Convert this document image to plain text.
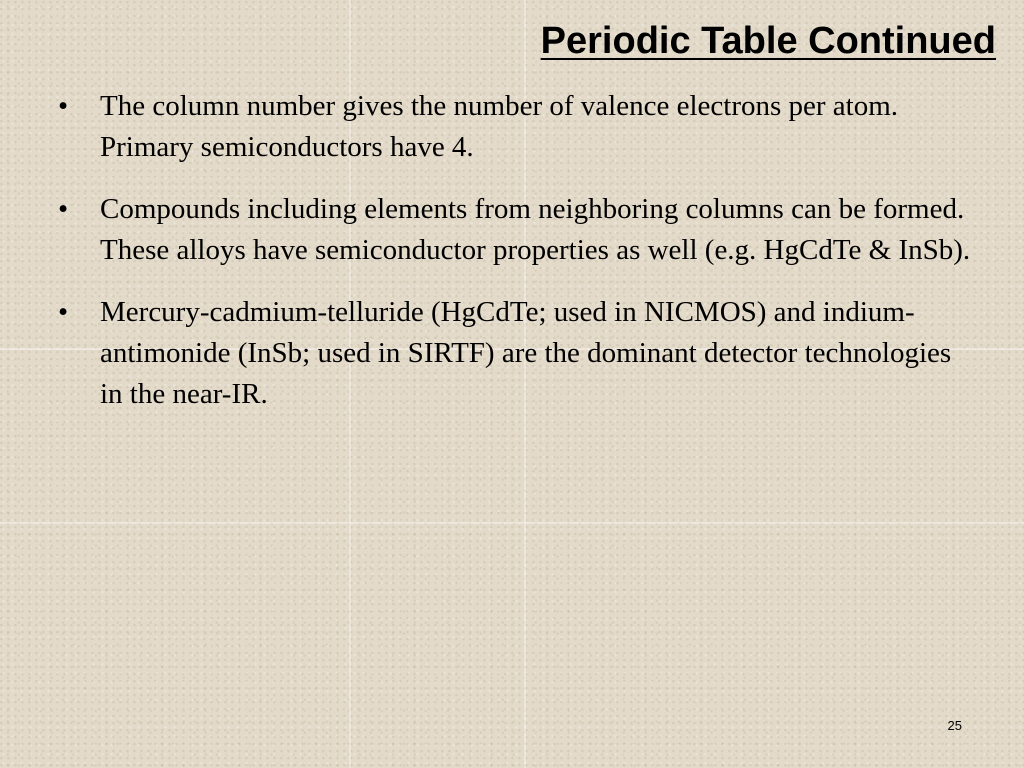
Periodic Table Continued
•	The column number gives the number of valence electrons per atom. Primary semiconductors have 4.
•	Compounds including elements from neighboring columns can be formed. These alloys have semiconductor properties as well (e.g. HgCdTe & InSb).
•	Mercury-cadmium-telluride (HgCdTe; used in NICMOS) and indium-antimonide (InSb; used in SIRTF) are the dominant detector technologies in the near-IR.
25
